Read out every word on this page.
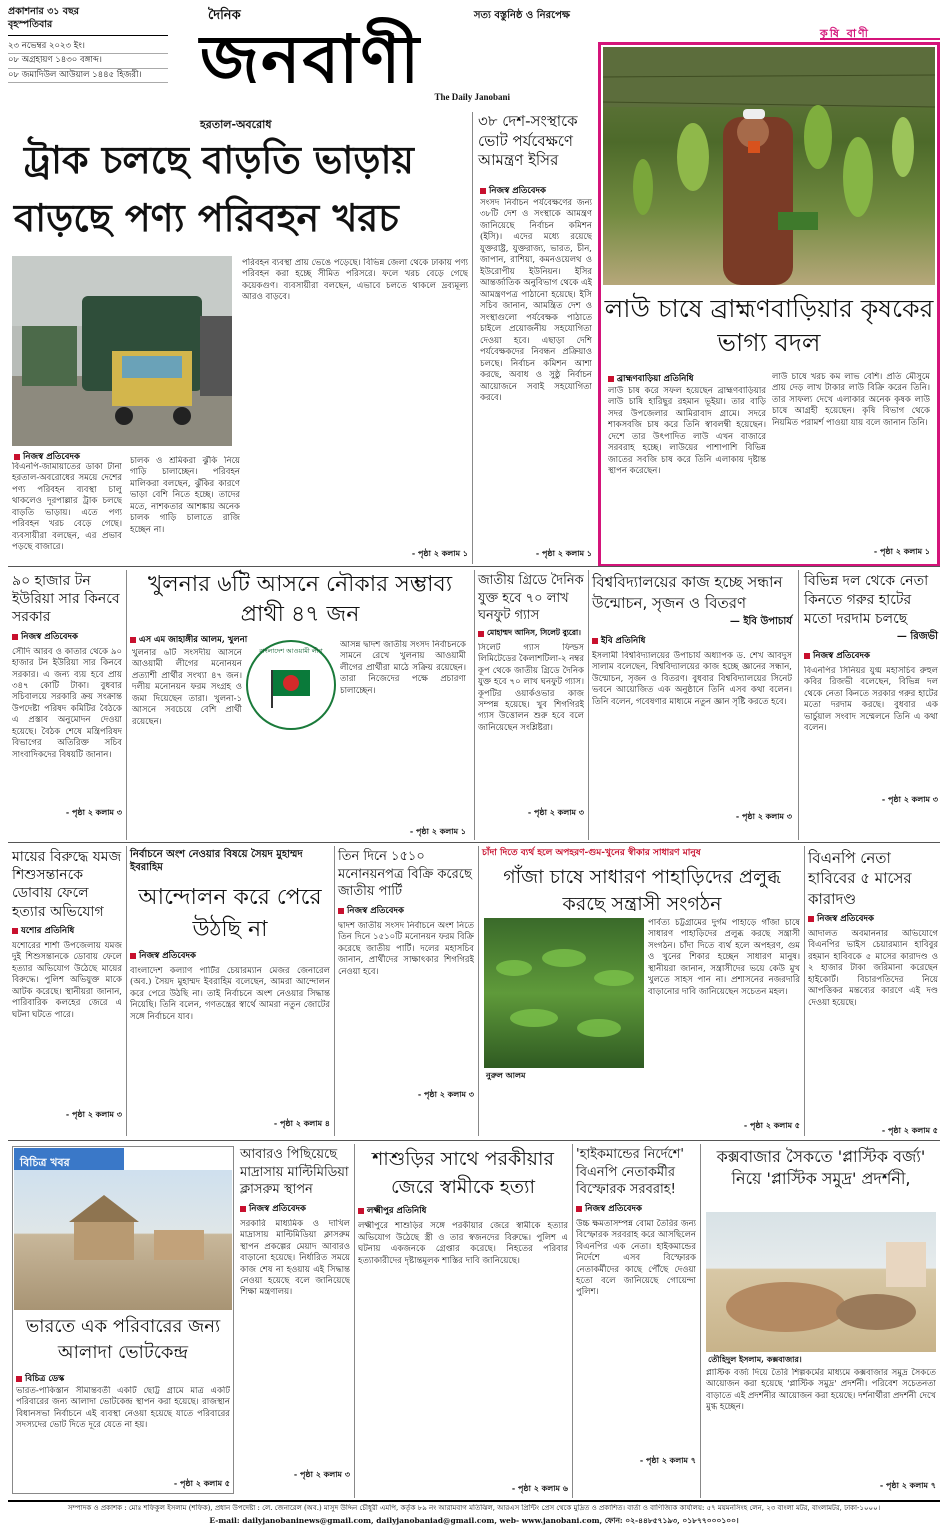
প্রকাশনার ৩১ বছর
বৃহস্পতিবার
২৩ নভেম্বর ২০২৩ ইং।
০৮ অগ্রহায়ণ ১৪৩০ বঙ্গাব্দ।
০৮ জমাদিউল আউয়াল ১৪৪৫ হিজরী।
দৈনিক	সত্য বস্তুনিষ্ঠ ও নিরপেক্ষ
জনবাণী The Daily Janobani
কৃষি বাণী
লাউ চাষে ব্রাহ্মণবাড়িয়ার কৃষকের ভাগ্য বদল
ব্রাহ্মণবাড়িয়া প্রতিনিধি
লাউ চাষ করে সফল হয়েছেন ব্রাহ্মণবাড়িয়ার লাউ চাষি হারিছুর রহমান ভূইয়া। তার বাড়ি সদর উপজেলার আমিরাবাদ গ্রামে। সদরে শাকসবজি চাষ করে তিনি স্বাবলম্বী হয়েছেন। দেশে তার উৎপাদিত লাউ এখন বাজারে সরবরাহ হচ্ছে। লাউয়ের পাশাপাশি বিভিন্ন জাতের সবজি চাষ করে তিনি এলাকায় দৃষ্টান্ত স্থাপন করেছেন।
লাউ চাষে খরচ কম লাভ বেশি। প্রতি মৌসুমে প্রায় দেড় লাখ টাকার লাউ বিক্রি করেন তিনি। তার সাফল্য দেখে এলাকার অনেক কৃষক লাউ চাষে আগ্রহী হয়েছেন। কৃষি বিভাগ থেকে নিয়মিত পরামর্শ পাওয়া যায় বলে জানান তিনি।
- পৃষ্ঠা ২ কলাম ১
হরতাল-অবরোধ
ট্রাক চলছে বাড়তি ভাড়ায়
বাড়ছে পণ্য পরিবহন খরচ
নিজস্ব প্রতিবেদক
বিএনপি-জামায়াতের ডাকা টানা হরতাল-অবরোধের সময়ে দেশের পণ্য পরিবহন ব্যবস্থা চালু থাকলেও দূরপাল্লার ট্রাক চলছে বাড়তি ভাড়ায়। এতে পণ্য পরিবহন খরচ বেড়ে গেছে। ব্যবসায়ীরা বলছেন, এর প্রভাব পড়ছে বাজারে।
চালক ও শ্রমিকরা ঝুঁকি নিয়ে গাড়ি চালাচ্ছেন। পরিবহন মালিকরা বলছেন, ঝুঁকির কারণে ভাড়া বেশি নিতে হচ্ছে। তাদের মতে, নাশকতার আশঙ্কায় অনেক চালক গাড়ি চালাতে রাজি হচ্ছেন না।
পরিবহন ব্যবস্থা প্রায় ভেঙে পড়েছে। বিভিন্ন জেলা থেকে ঢাকায় পণ্য পরিবহন করা হচ্ছে সীমিত পরিসরে। ফলে খরচ বেড়ে গেছে কয়েকগুণ। ব্যবসায়ীরা বলছেন, এভাবে চলতে থাকলে দ্রব্যমূল্য আরও বাড়বে।
- পৃষ্ঠা ২ কলাম ১
৩৮ দেশ-সংস্থাকে ভোট পর্যবেক্ষণে আমন্ত্রণ ইসির
নিজস্ব প্রতিবেদক
সংসদ নির্বাচন পর্যবেক্ষণের জন্য ৩৮টি দেশ ও সংস্থাকে আমন্ত্রণ জানিয়েছে নির্বাচন কমিশন (ইসি)। এদের মধ্যে রয়েছে যুক্তরাষ্ট্র, যুক্তরাজ্য, ভারত, চীন, জাপান, রাশিয়া, কমনওয়েলথ ও ইউরোপীয় ইউনিয়ন। ইসির আন্তর্জাতিক অনুবিভাগ থেকে এই আমন্ত্রণপত্র পাঠানো হয়েছে। ইসি সচিব জানান, আমন্ত্রিত দেশ ও সংস্থাগুলো পর্যবেক্ষক পাঠাতে চাইলে প্রয়োজনীয় সহযোগিতা দেওয়া হবে। এছাড়া দেশি পর্যবেক্ষকদের নিবন্ধন প্রক্রিয়াও চলছে। নির্বাচন কমিশন আশা করছে, অবাধ ও সুষ্ঠু নির্বাচন আয়োজনে সবাই সহযোগিতা করবে।
- পৃষ্ঠা ২ কলাম ১
৯০ হাজার টন ইউরিয়া সার কিনবে সরকার
নিজস্ব প্রতিবেদক
সৌদি আরব ও কাতার থেকে ৯০ হাজার টন ইউরিয়া সার কিনবে সরকার। এ জন্য ব্যয় হবে প্রায় ৩৪৭ কোটি টাকা। বুধবার সচিবালয়ে সরকারি ক্রয় সংক্রান্ত উপদেষ্টা পরিষদ কমিটির বৈঠকে এ প্রস্তাব অনুমোদন দেওয়া হয়েছে। বৈঠক শেষে মন্ত্রিপরিষদ বিভাগের অতিরিক্ত সচিব সাংবাদিকদের বিষয়টি জানান।
- পৃষ্ঠা ২ কলাম ৩
খুলনার ৬টি আসনে নৌকার সম্ভাব্য প্রাথী ৪৭ জন
এস এম জাহাঙ্গীর আলম, খুলনা
খুলনার ৬টি সংসদীয় আসনে আওয়ামী লীগের মনোনয়ন প্রত্যাশী প্রার্থীর সংখ্যা ৪৭ জন। দলীয় মনোনয়ন ফরম সংগ্রহ ও জমা দিয়েছেন তারা। খুলনা-১ আসনে সবচেয়ে বেশি প্রার্থী রয়েছেন।
বাংলাদেশ আওয়ামী লীগ
আসন্ন দ্বাদশ জাতীয় সংসদ নির্বাচনকে সামনে রেখে খুলনায় আওয়ামী লীগের প্রার্থীরা মাঠে সক্রিয় রয়েছেন। তারা নিজেদের পক্ষে প্রচারণা চালাচ্ছেন।
- পৃষ্ঠা ২ কলাম ১
জাতীয় গ্রিডে দৈনিক যুক্ত হবে ৭০ লাখ ঘনফুট গ্যাস
মোহাম্মদ আনিস, সিলেট ব্যুরো।
সিলেট গ্যাস ফিল্ডস লিমিটেডের কৈলাশটিলা-২ নম্বর কূপ থেকে জাতীয় গ্রিডে দৈনিক যুক্ত হবে ৭০ লাখ ঘনফুট গ্যাস। কূপটির ওয়ার্কওভার কাজ সম্পন্ন হয়েছে। খুব শিগগিরই গ্যাস উত্তোলন শুরু হবে বলে জানিয়েছেন সংশ্লিষ্টরা।
- পৃষ্ঠা ২ কলাম ৩
বিশ্ববিদ্যালয়ের কাজ হচ্ছে সন্ধান উন্মোচন, সৃজন ও বিতরণ
— ইবি উপাচার্য
ইবি প্রতিনিধি
ইসলামী বিশ্ববিদ্যালয়ের উপাচার্য অধ্যাপক ড. শেখ আবদুস সালাম বলেছেন, বিশ্ববিদ্যালয়ের কাজ হচ্ছে জ্ঞানের সন্ধান, উন্মোচন, সৃজন ও বিতরণ। বুধবার বিশ্ববিদ্যালয়ের সিনেট ভবনে আয়োজিত এক অনুষ্ঠানে তিনি এসব কথা বলেন। তিনি বলেন, গবেষণার মাধ্যমে নতুন জ্ঞান সৃষ্টি করতে হবে।
- পৃষ্ঠা ২ কলাম ৩
বিভিন্ন দল থেকে নেতা কিনতে গরুর হাটের মতো দরদাম চলছে
— রিজভী
নিজস্ব প্রতিবেদক
বিএনপির সিনিয়র যুগ্ম মহাসচিব রুহুল কবির রিজভী বলেছেন, বিভিন্ন দল থেকে নেতা কিনতে সরকার গরুর হাটের মতো দরদাম করছে। বুধবার এক ভার্চুয়াল সংবাদ সম্মেলনে তিনি এ কথা বলেন।
- পৃষ্ঠা ২ কলাম ৩
মায়ের বিরুদ্ধে যমজ শিশুসন্তানকে ডোবায় ফেলে হত্যার অভিযোগ
যশোর প্রতিনিধি
যশোরের শার্শা উপজেলায় যমজ দুই শিশুসন্তানকে ডোবায় ফেলে হত্যার অভিযোগ উঠেছে মায়ের বিরুদ্ধে। পুলিশ অভিযুক্ত মাকে আটক করেছে। স্থানীয়রা জানান, পারিবারিক কলহের জেরে এ ঘটনা ঘটতে পারে।
- পৃষ্ঠা ২ কলাম ৩
নির্বাচনে অংশ নেওয়ার বিষয়ে সৈয়দ মুহাম্মদ ইবরাহিম
আন্দোলন করে পেরে উঠছি না
নিজস্ব প্রতিবেদক
বাংলাদেশ কল্যাণ পার্টির চেয়ারম্যান মেজর জেনারেল (অব.) সৈয়দ মুহাম্মদ ইবরাহিম বলেছেন, আমরা আন্দোলন করে পেরে উঠছি না। তাই নির্বাচনে অংশ নেওয়ার সিদ্ধান্ত নিয়েছি। তিনি বলেন, গণতন্ত্রের স্বার্থে আমরা নতুন জোটের সঙ্গে নির্বাচনে যাব।
- পৃষ্ঠা ২ কলাম ৪
তিন দিনে ১৫১০ মনোনয়নপত্র বিক্রি করেছে জাতীয় পার্টি
নিজস্ব প্রতিবেদক
দ্বাদশ জাতীয় সংসদ নির্বাচনে অংশ নিতে তিন দিনে ১৫১০টি মনোনয়ন ফরম বিক্রি করেছে জাতীয় পার্টি। দলের মহাসচিব জানান, প্রার্থীদের সাক্ষাৎকার শিগগিরই নেওয়া হবে।
- পৃষ্ঠা ২ কলাম ৩
চাঁদা দিতে ব্যর্থ হলে অপহরণ-গুম-খুনের স্বীকার সাধারণ মানুষ
গাঁজা চাষে সাধারণ পাহাড়িদের প্রলুব্ধ করছে সন্ত্রাসী সংগঠন
নুরুল আলম
পার্বত্য চট্টগ্রামের দুর্গম পাহাড়ে গাঁজা চাষে সাধারণ পাহাড়িদের প্রলুব্ধ করছে সন্ত্রাসী সংগঠন। চাঁদা দিতে ব্যর্থ হলে অপহরণ, গুম ও খুনের শিকার হচ্ছেন সাধারণ মানুষ। স্থানীয়রা জানান, সন্ত্রাসীদের ভয়ে কেউ মুখ খুলতে সাহস পান না। প্রশাসনের নজরদারি বাড়ানোর দাবি জানিয়েছেন সচেতন মহল।
- পৃষ্ঠা ২ কলাম ৫
বিএনপি নেতা হাবিবের ৫ মাসের কারাদণ্ড
নিজস্ব প্রতিবেদক
আদালত অবমাননার অভিযোগে বিএনপির ভাইস চেয়ারম্যান হাবিবুর রহমান হাবিবকে ৫ মাসের কারাদণ্ড ও ২ হাজার টাকা জরিমানা করেছেন হাইকোর্ট। বিচারপতিদের নিয়ে আপত্তিকর মন্তব্যের কারণে এই দণ্ড দেওয়া হয়েছে।
- পৃষ্ঠা ২ কলাম ৫
বিচিত্র খবর
ভারতে এক পরিবারের জন্য আলাদা ভোটকেন্দ্র
বিচিত্র ডেস্ক
ভারত-পাকিস্তান সীমান্তবর্তী একটি ছোট্ট গ্রামে মাত্র একটি পরিবারের জন্য আলাদা ভোটকেন্দ্র স্থাপন করা হয়েছে। রাজস্থান বিধানসভা নির্বাচনে এই ব্যবস্থা নেওয়া হয়েছে যাতে পরিবারের সদস্যদের ভোট দিতে দূরে যেতে না হয়।
- পৃষ্ঠা ২ কলাম ৫
আবারও পিছিয়েছে মাদ্রাসায় মাল্টিমিডিয়া ক্লাসরুম স্থাপন
নিজস্ব প্রতিবেদক
সরকারি মাধ্যমিক ও দাখিল মাদ্রাসায় মাল্টিমিডিয়া ক্লাসরুম স্থাপন প্রকল্পের মেয়াদ আবারও বাড়ানো হয়েছে। নির্ধারিত সময়ে কাজ শেষ না হওয়ায় এই সিদ্ধান্ত নেওয়া হয়েছে বলে জানিয়েছে শিক্ষা মন্ত্রণালয়।
- পৃষ্ঠা ২ কলাম ৩
শাশুড়ির সাথে পরকীয়ার জেরে স্বামীকে হত্যা
লক্ষ্মীপুর প্রতিনিধি
লক্ষ্মীপুরে শাশুড়ির সঙ্গে পরকীয়ার জেরে স্বামীকে হত্যার অভিযোগ উঠেছে স্ত্রী ও তার স্বজনদের বিরুদ্ধে। পুলিশ এ ঘটনায় একজনকে গ্রেপ্তার করেছে। নিহতের পরিবার হত্যাকারীদের দৃষ্টান্তমূলক শাস্তির দাবি জানিয়েছে।
- পৃষ্ঠা ২ কলাম ৬
'হাইকমান্ডের নির্দেশে' বিএনপি নেতাকর্মীর বিস্ফোরক সরবরাহ!
নিজস্ব প্রতিবেদক
উচ্চ ক্ষমতাসম্পন্ন বোমা তৈরির জন্য বিস্ফোরক সরবরাহ করে আসছিলেন বিএনপির এক নেতা। হাইকমান্ডের নির্দেশে এসব বিস্ফোরক নেতাকর্মীদের কাছে পৌঁছে দেওয়া হতো বলে জানিয়েছে গোয়েন্দা পুলিশ।
- পৃষ্ঠা ২ কলাম ৭
কক্সবাজার সৈকতে 'প্লাস্টিক বর্জ্য' নিয়ে 'প্লাস্টিক সমুদ্র' প্রদর্শনী,
তৌহিদুল ইসলাম, কক্সবাজার।
প্লাস্টিক বর্জ্য দিয়ে তৈরি শিল্পকর্মের মাধ্যমে কক্সবাজার সমুদ্র সৈকতে আয়োজন করা হয়েছে 'প্লাস্টিক সমুদ্র' প্রদর্শনী। পরিবেশ সচেতনতা বাড়াতে এই প্রদর্শনীর আয়োজন করা হয়েছে। দর্শনার্থীরা প্রদর্শনী দেখে মুগ্ধ হচ্ছেন।
- পৃষ্ঠা ২ কলাম ৭
সম্পাদক ও প্রকাশক : মোঃ শফিকুল ইসলাম (শফিক), প্রধান উপদেষ্টা : লে. জেনারেল (অব.) মাসুদ উদ্দিন চৌধুরী এমপি, কর্তৃক ৮৯ নং আরামবাগ মতিঝিল, আরএস প্রিন্টিং প্রেস থেকে মুদ্রিত ও প্রকাশিত। বার্তা ও বাণিজ্যিক কার্যালয়: ৫৭ ময়মনসিংহ লেন, ২৩ বাংলা মটর, বাংলামটর, ঢাকা-১০০০।
E-mail: dailyjanobaninews@gmail.com, dailyjanobaniad@gmail.com, web- www.janobani.com, ফোন: ০২-৪৪৮৫৭১৯৩, ০১৮৭৭০০০১০০।
